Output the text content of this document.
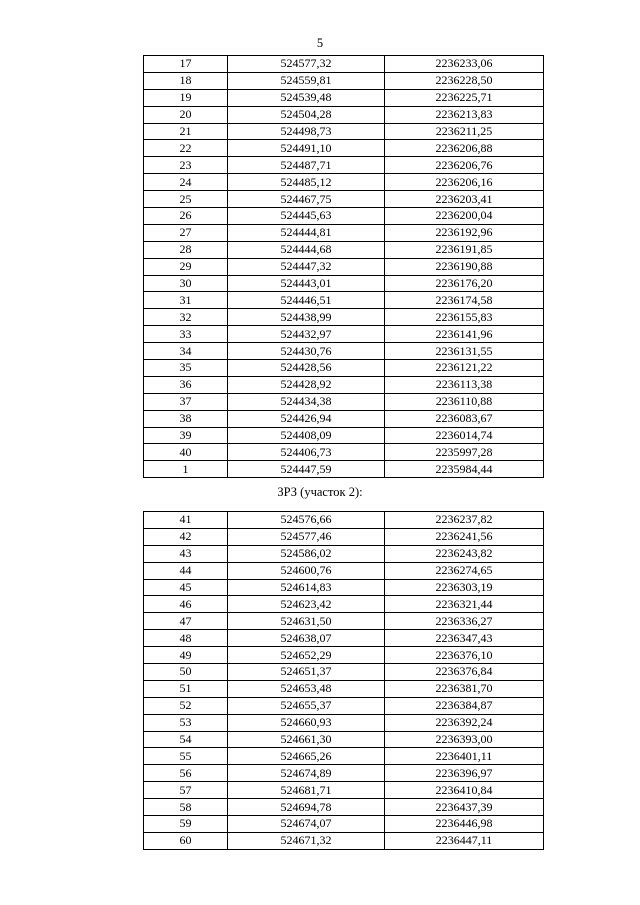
5
17	524577,32	2236233,06
18	524559,81	2236228,50
19	524539,48	2236225,71
20	524504,28	2236213,83
21	524498,73	2236211,25
22	524491,10	2236206,88
23	524487,71	2236206,76
24	524485,12	2236206,16
25	524467,75	2236203,41
26	524445,63	2236200,04
27	524444,81	2236192,96
28	524444,68	2236191,85
29	524447,32	2236190,88
30	524443,01	2236176,20
31	524446,51	2236174,58
32	524438,99	2236155,83
33	524432,97	2236141,96
34	524430,76	2236131,55
35	524428,56	2236121,22
36	524428,92	2236113,38
37	524434,38	2236110,88
38	524426,94	2236083,67
39	524408,09	2236014,74
40	524406,73	2235997,28
1	524447,59	2235984,44
ЗРЗ (участок 2):
41	524576,66	2236237,82
42	524577,46	2236241,56
43	524586,02	2236243,82
44	524600,76	2236274,65
45	524614,83	2236303,19
46	524623,42	2236321,44
47	524631,50	2236336,27
48	524638,07	2236347,43
49	524652,29	2236376,10
50	524651,37	2236376,84
51	524653,48	2236381,70
52	524655,37	2236384,87
53	524660,93	2236392,24
54	524661,30	2236393,00
55	524665,26	2236401,11
56	524674,89	2236396,97
57	524681,71	2236410,84
58	524694,78	2236437,39
59	524674,07	2236446,98
60	524671,32	2236447,11
